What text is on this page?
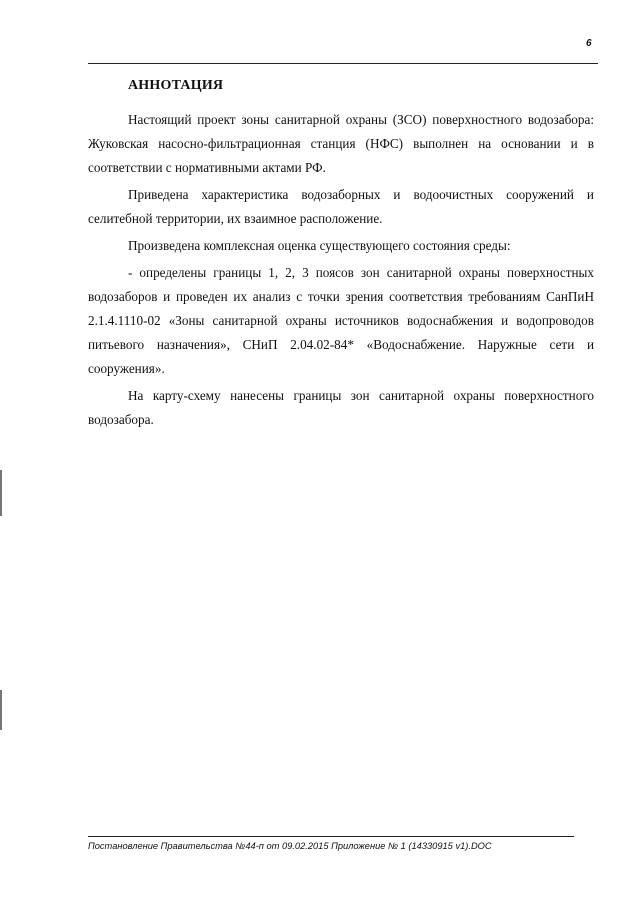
6
АННОТАЦИЯ

Настоящий проект зоны санитарной охраны (ЗСО) поверхностного водозабора: Жуковская насосно-фильтрационная станция (НФС) выполнен на основании и в соответствии с нормативными актами РФ.

Приведена характеристика водозаборных и водоочистных сооружений и селитебной территории, их взаимное расположение.

Произведена комплексная оценка существующего состояния среды:

- определены границы 1, 2, 3 поясов зон санитарной охраны поверхностных водозаборов и проведен их анализ с точки зрения соответствия требованиям СанПиН 2.1.4.1110-02 «Зоны санитарной охраны источников водоснабжения и водопроводов питьевого назначения», СНиП 2.04.02-84* «Водоснабжение. Наружные сети и сооружения».

На карту-схему нанесены границы зон санитарной охраны поверхностного водозабора.

Постановление Правительства №44-п от 09.02.2015 Приложение № 1 (14330915 v1).DOC
